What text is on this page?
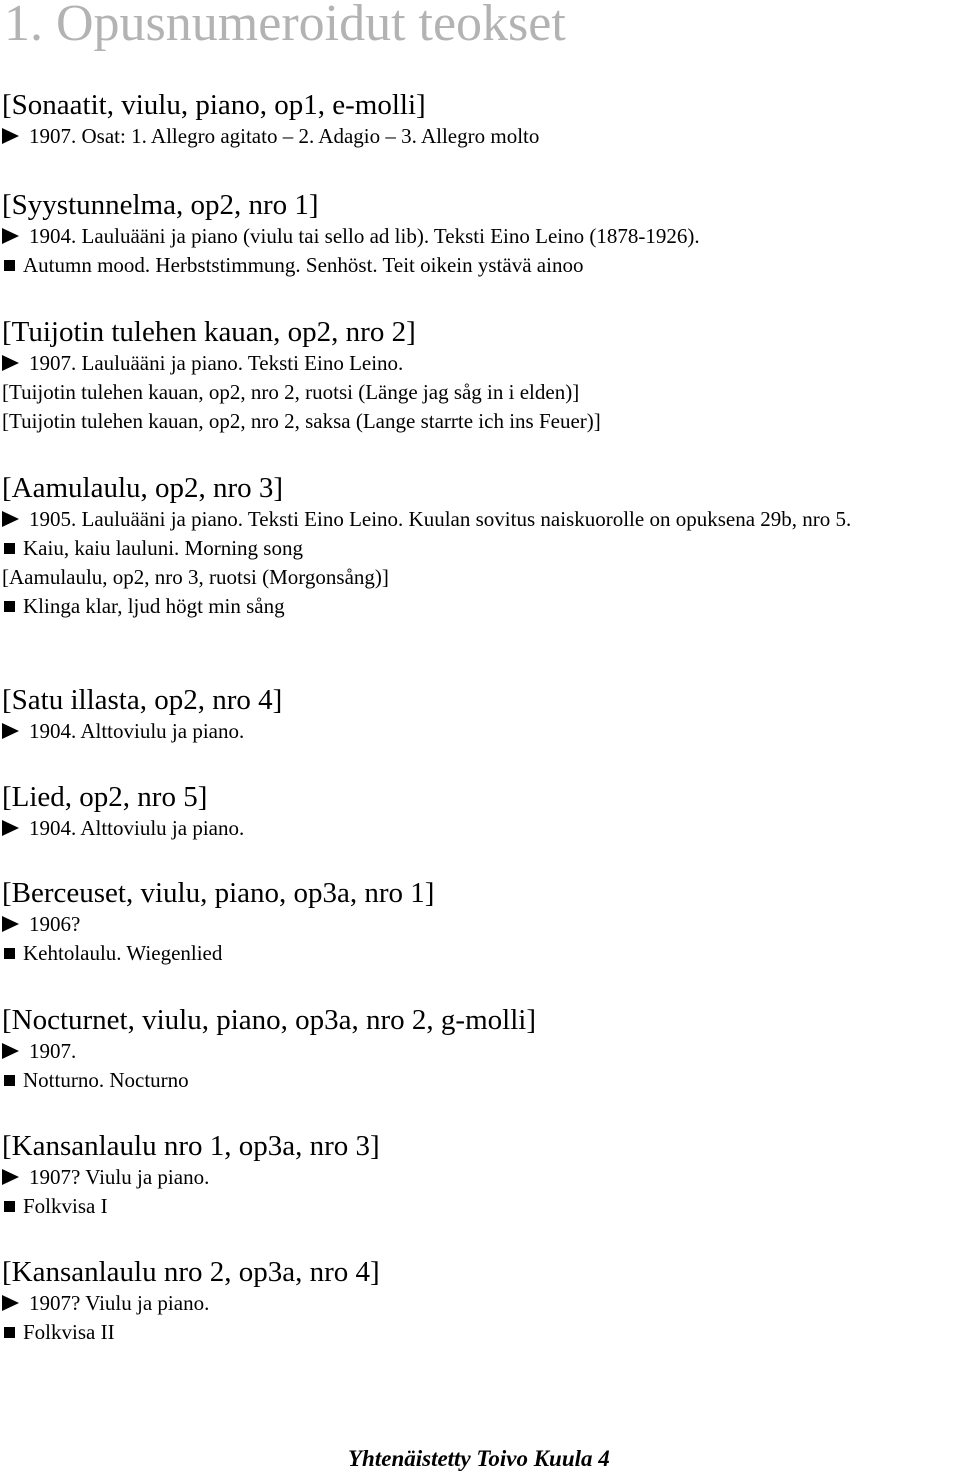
1. Opusnumeroidut teokset
[Sonaatit, viulu, piano, op1, e-molli]

1907. Osat: 1. Allegro agitato – 2. Adagio – 3. Allegro molto

[Syystunnelma, op2, nro 1]

1904. Lauluääni ja piano (viulu tai sello ad lib). Teksti Eino Leino (1878-1926).

Autumn mood. Herbststimmung. Senhöst. Teit oikein ystävä ainoo

[Tuijotin tulehen kauan, op2, nro 2]

1907. Lauluääni ja piano. Teksti Eino Leino.

[Tuijotin tulehen kauan, op2, nro 2, ruotsi (Länge jag såg in i elden)]

[Tuijotin tulehen kauan, op2, nro 2, saksa (Lange starrte ich ins Feuer)]

[Aamulaulu, op2, nro 3]

1905. Lauluääni ja piano. Teksti Eino Leino. Kuulan sovitus naiskuorolle on opuksena 29b, nro 5.

Kaiu, kaiu lauluni. Morning song

[Aamulaulu, op2, nro 3, ruotsi (Morgonsång)]

Klinga klar, ljud högt min sång

[Satu illasta, op2, nro 4]

1904. Alttoviulu ja piano.

[Lied, op2, nro 5]

1904. Alttoviulu ja piano.

[Berceuset, viulu, piano, op3a, nro 1]

1906?

Kehtolaulu. Wiegenlied

[Nocturnet, viulu, piano, op3a, nro 2, g-molli]

1907.

Notturno. Nocturno

[Kansanlaulu nro 1, op3a, nro 3]

1907? Viulu ja piano.

Folkvisa I

[Kansanlaulu nro 2, op3a, nro 4]

1907? Viulu ja piano.

Folkvisa II

Yhtenäistetty Toivo Kuula 4
